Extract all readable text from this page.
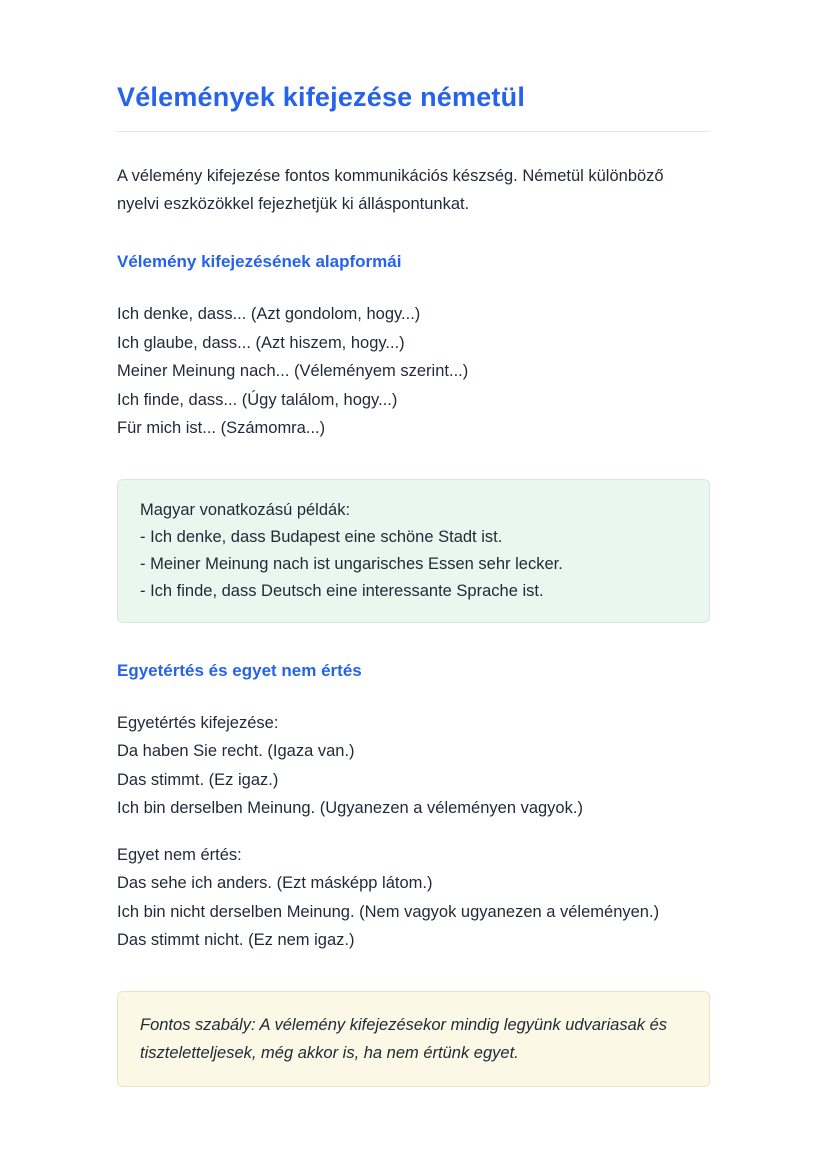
Vélemények kifejezése németül

A vélemény kifejezése fontos kommunikációs készség. Németül különböző nyelvi eszközökkel fejezhetjük ki álláspontunkat.

Vélemény kifejezésének alapformái

Ich denke, dass... (Azt gondolom, hogy...)

Ich glaube, dass... (Azt hiszem, hogy...)

Meiner Meinung nach... (Véleményem szerint...)

Ich finde, dass... (Úgy találom, hogy...)

Für mich ist... (Számomra...)

Magyar vonatkozású példák:

- Ich denke, dass Budapest eine schöne Stadt ist.

- Meiner Meinung nach ist ungarisches Essen sehr lecker.

- Ich finde, dass Deutsch eine interessante Sprache ist.

Egyetértés és egyet nem értés

Egyetértés kifejezése:

Da haben Sie recht. (Igaza van.)

Das stimmt. (Ez igaz.)

Ich bin derselben Meinung. (Ugyanezen a véleményen vagyok.)

Egyet nem értés:

Das sehe ich anders. (Ezt másképp látom.)

Ich bin nicht derselben Meinung. (Nem vagyok ugyanezen a véleményen.)

Das stimmt nicht. (Ez nem igaz.)

Fontos szabály: A vélemény kifejezésekor mindig legyünk udvariasak és tiszteletteljesek, még akkor is, ha nem értünk egyet.
